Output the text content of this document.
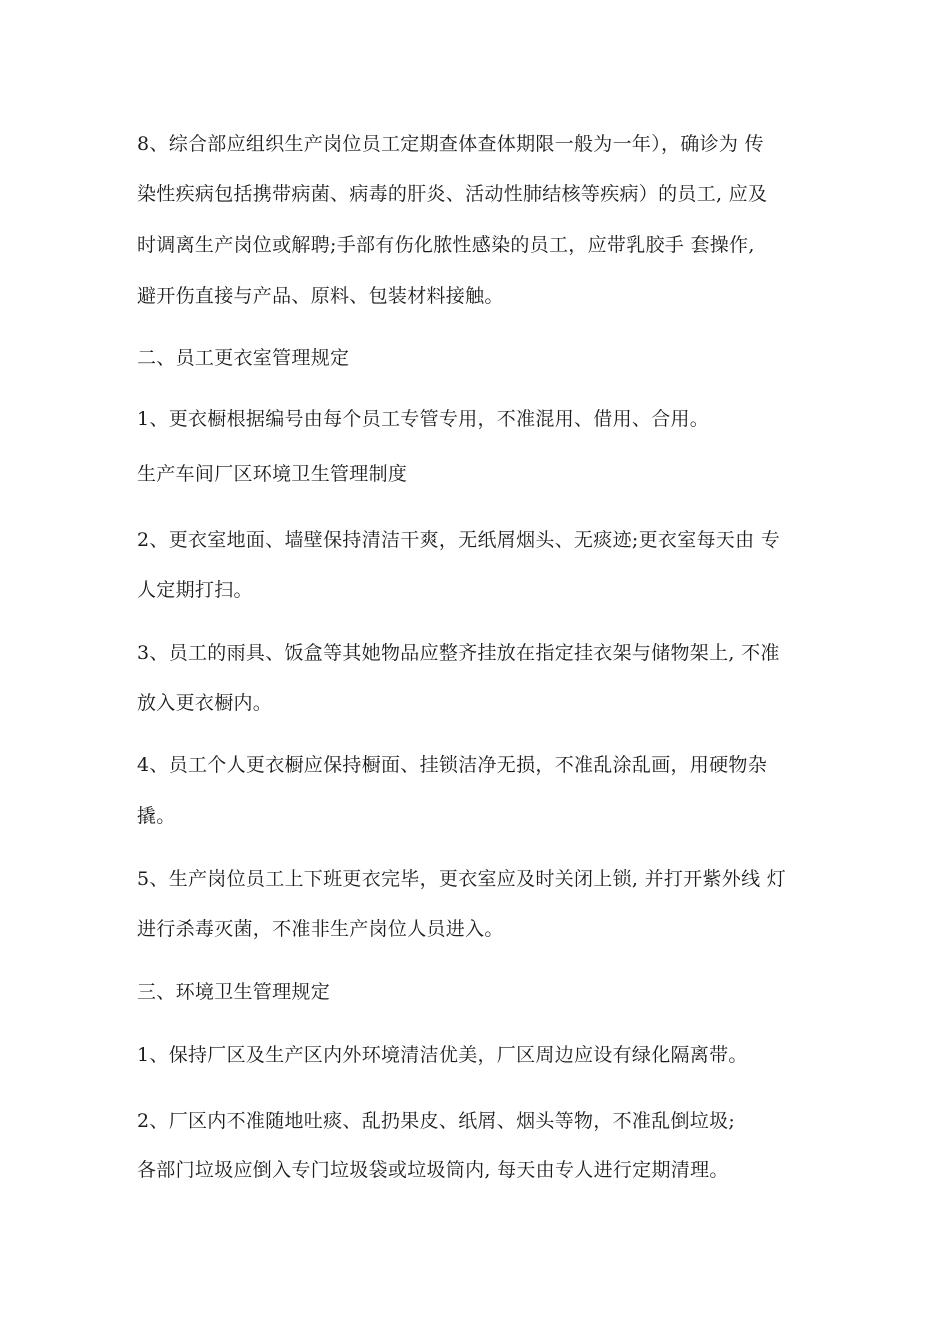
8、综合部应组织生产岗位员工定期查体查体期限一般为一年），确诊为 传
染性疾病包括携带病菌、病毒的肝炎、活动性肺结核等疾病）的员工, 应及
时调离生产岗位或解聘;手部有伤化脓性感染的员工，应带乳胶手 套操作,
避开伤直接与产品、原料、包装材料接触。
二、员工更衣室管理规定
1、更衣橱根据编号由每个员工专管专用，不准混用、借用、合用。
生产车间厂区环境卫生管理制度
2、更衣室地面、墙壁保持清洁干爽，无纸屑烟头、无痰迹;更衣室每天由 专
人定期打扫。
3、员工的雨具、饭盒等其她物品应整齐挂放在指定挂衣架与储物架上, 不准
放入更衣橱内。
4、员工个人更衣橱应保持橱面、挂锁洁净无损，不准乱涂乱画，用硬物杂
撬。
5、生产岗位员工上下班更衣完毕，更衣室应及时关闭上锁, 并打开紫外线 灯
进行杀毒灭菌，不准非生产岗位人员进入。
三、环境卫生管理规定
1、保持厂区及生产区内外环境清洁优美，厂区周边应设有绿化隔离带。
2、厂区内不准随地吐痰、乱扔果皮、纸屑、烟头等物，不准乱倒垃圾;
各部门垃圾应倒入专门垃圾袋或垃圾筒内, 每天由专人进行定期清理。
